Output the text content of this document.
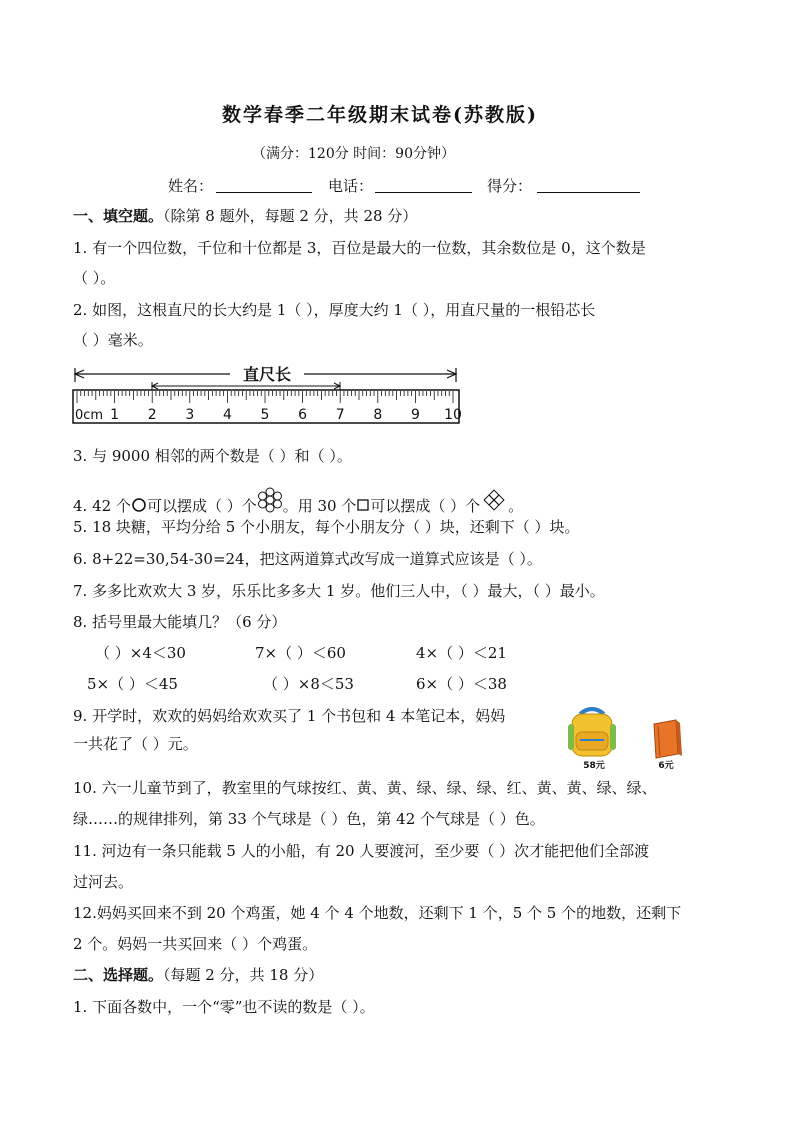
数学春季二年级期末试卷(苏教版)
（满分：120分 时间：90分钟）
姓名：	电话：	得分：
一、填空题。（除第 8 题外，每题 2 分，共 28 分）
1. 有一个四位数，千位和十位都是 3，百位是最大的一位数，其余数位是 0，这个数是
（ ）。
2. 如图，这根直尺的长大约是 1（ ），厚度大约 1（ ），用直尺量的一根铅芯长
（ ）毫米。
直尺长
1 2 3 4 5 6 7 8 9 10
0cm
3. 与 9000 相邻的两个数是（ ）和（ ）。
4. 42 个 可以摆成（ ）个 。用 30 个 可以摆成（ ）个 。
5. 18 块糖，平均分给 5 个小朋友，每个小朋友分（ ）块，还剩下（ ）块。
6. 8+22=30,54-30=24，把这两道算式改写成一道算式应该是（ ）。
7. 多多比欢欢大 3 岁，乐乐比多多大 1 岁。他们三人中，（ ）最大，（ ）最小。
8. 括号里最大能填几？（6 分）
（ ）×4＜30	7×（ ）＜60	4×（ ）＜21
5×（ ）＜45	（ ）×8＜53	6×（ ）＜38
9. 开学时，欢欢的妈妈给欢欢买了 1 个书包和 4 本笔记本，妈妈
一共花了（ ）元。
58元	6元
10. 六一儿童节到了，教室里的气球按红、黄、黄、绿、绿、绿、红、黄、黄、绿、绿、
绿……的规律排列，第 33 个气球是（ ）色，第 42 个气球是（ ）色。
11. 河边有一条只能载 5 人的小船，有 20 人要渡河，至少要（ ）次才能把他们全部渡
过河去。
12.妈妈买回来不到 20 个鸡蛋，她 4 个 4 个地数，还剩下 1 个，5 个 5 个的地数，还剩下
2 个。妈妈一共买回来（ ）个鸡蛋。
二、选择题。（每题 2 分，共 18 分）
1. 下面各数中，一个“零”也不读的数是（ ）。
